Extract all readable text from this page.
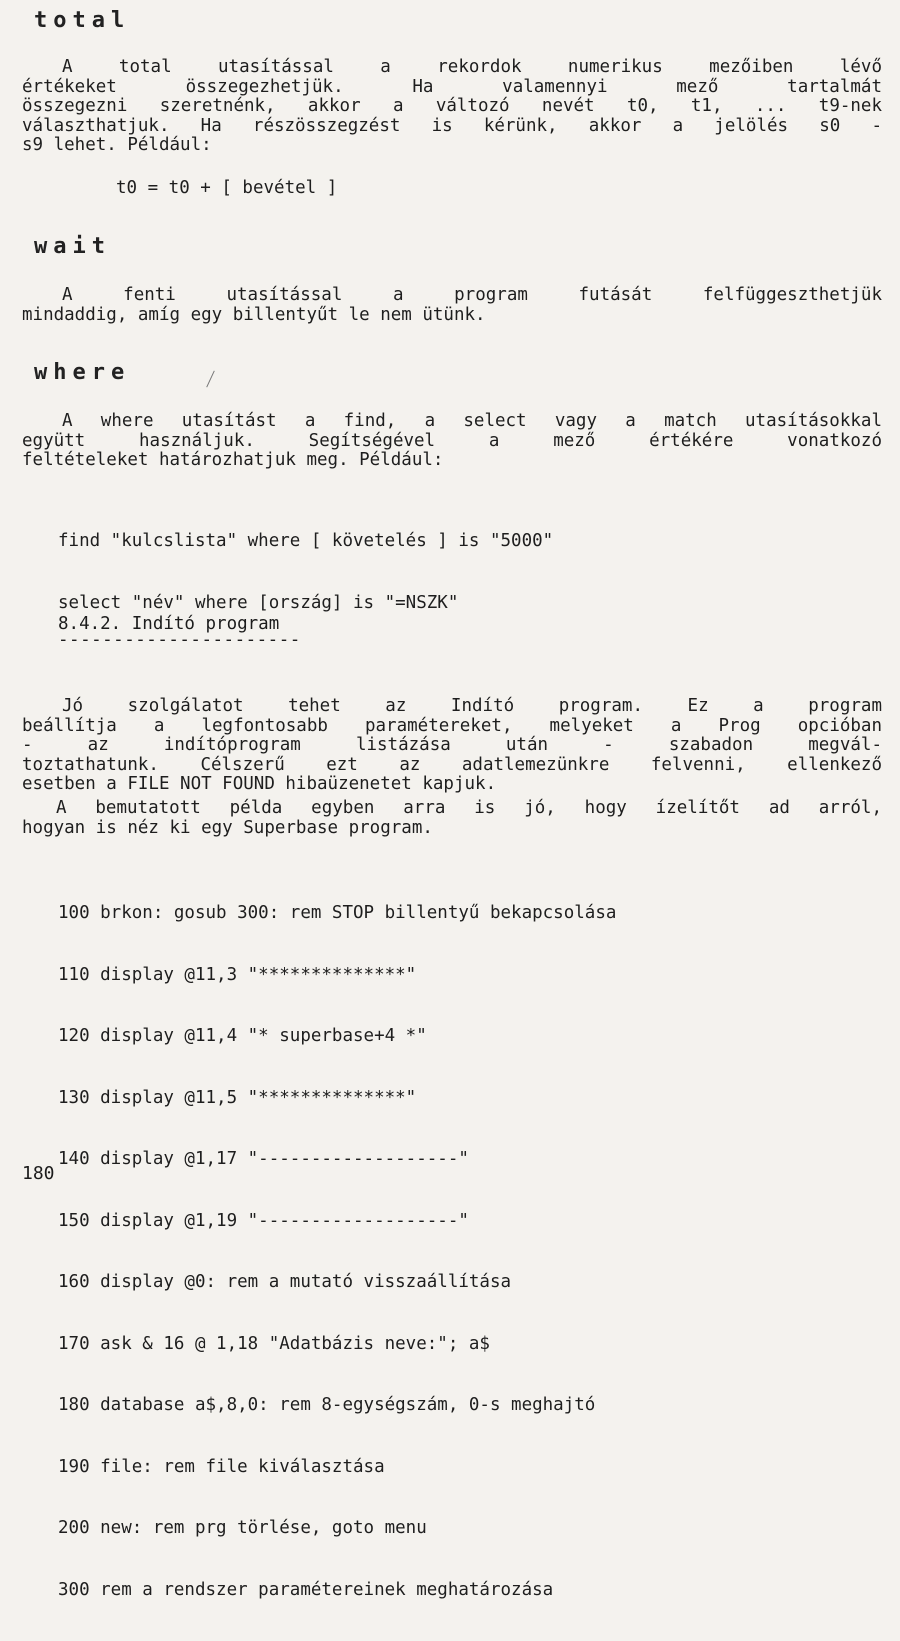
total

A total utasítással a rekordok numerikus mezőiben lévő
értékeket összegezhetjük. Ha valamennyi mező tartalmát
összegezni szeretnénk, akkor a változó nevét t0, t1, ... t9-nek
választhatjuk. Ha részösszegzést is kérünk, akkor a jelölés s0 -
s9 lehet. Például:

t0 = t0 + [ bevétel ]
wait

A fenti utasítással a program futását felfüggeszthetjük
mindaddig, amíg egy billentyűt le nem ütünk.

where

A where utasítást a find, a select vagy a match utasításokkal
együtt használjuk. Segítségével a mező értékére vonatkozó
feltételeket határozhatjuk meg. Például:

find "kulcslista" where [ követelés ] is "5000"

select "név" where [ország] is "=NSZK"

8.4.2. Indító program
----------------------

Jó szolgálatot tehet az Indító program. Ez a program
beállítja a legfontosabb paramétereket, melyeket a Prog opcióban
- az indítóprogram listázása után - szabadon megvál-
toztathatunk. Célszerű ezt az adatlemezünkre felvenni, ellenkező
esetben a FILE NOT FOUND hibaüzenetet kapjuk.

A bemutatott példa egyben arra is jó, hogy ízelítőt ad arról,
hogyan is néz ki egy Superbase program.

100 brkon: gosub 300: rem STOP billentyű bekapcsolása

110 display @11,3 "**************"

120 display @11,4 "* superbase+4 *"

130 display @11,5 "**************"

140 display @1,17 "-------------------"

150 display @1,19 "-------------------"

160 display @0: rem a mutató visszaállítása

170 ask & 16 @ 1,18 "Adatbázis neve:"; a$

180 database a$,8,0: rem 8-egységszám, 0-s meghajtó

190 file: rem file kiválasztása

200 new: rem prg törlése, goto menu

300 rem a rendszer paramétereinek meghatározása

180
